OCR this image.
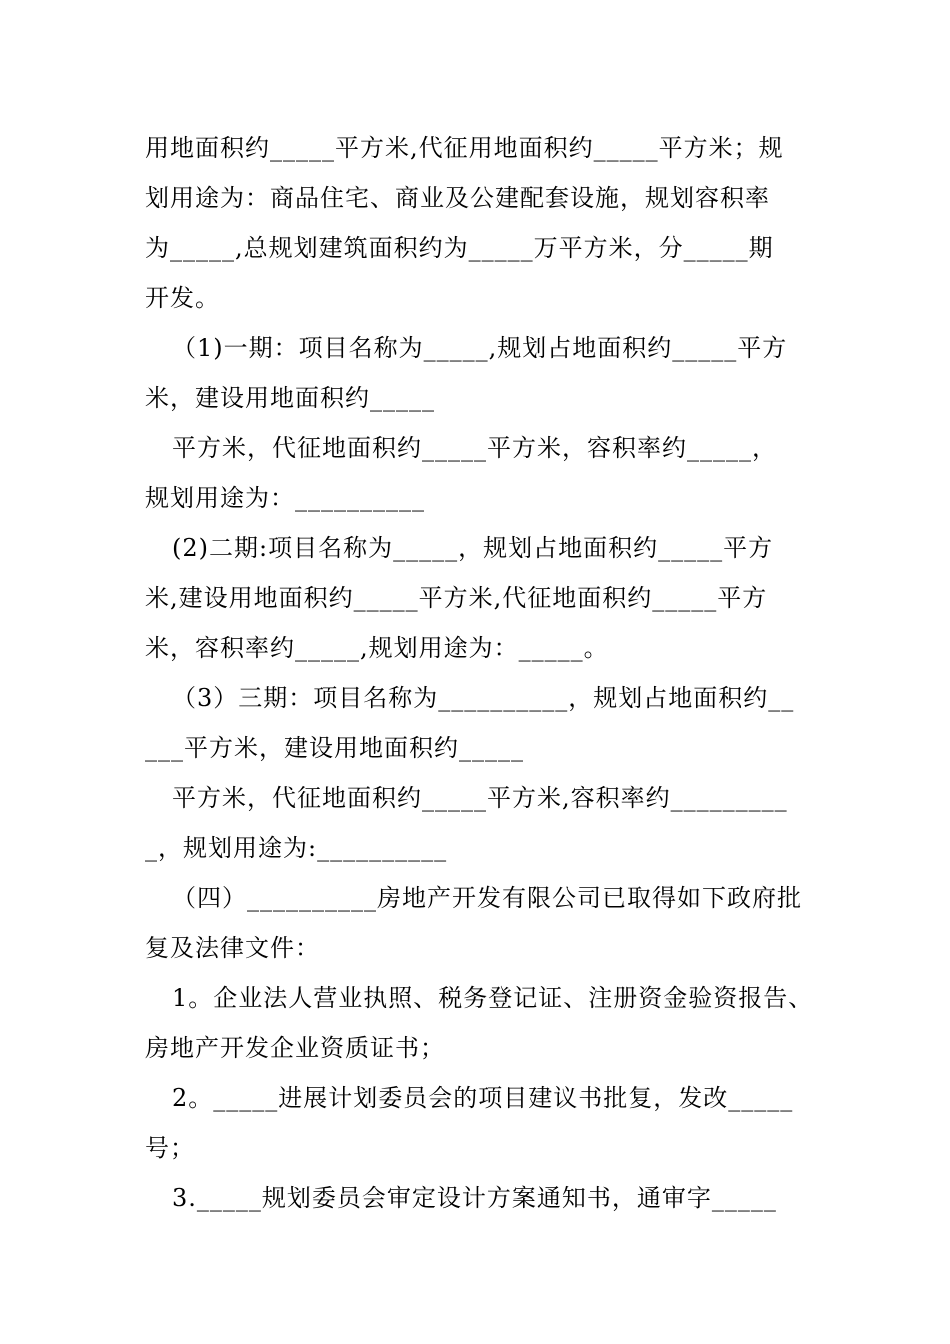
用地面积约_____平方米,代征用地面积约_____平方米；规
划用途为：商品住宅、商业及公建配套设施，规划容积率
为_____,总规划建筑面积约为_____万平方米，分_____期
开发。
（1)一期：项目名称为_____,规划占地面积约_____平方
米，建设用地面积约_____
平方米，代征地面积约_____平方米，容积率约_____，
规划用途为：__________
(2)二期:项目名称为_____，规划占地面积约_____平方
米,建设用地面积约_____平方米,代征地面积约_____平方
米，容积率约_____,规划用途为：_____。
（3）三期：项目名称为__________，规划占地面积约__
___平方米，建设用地面积约_____
平方米，代征地面积约_____平方米,容积率约_________
_，规划用途为:__________
（四）__________房地产开发有限公司已取得如下政府批
复及法律文件：
1。企业法人营业执照、税务登记证、注册资金验资报告、
房地产开发企业资质证书；
2。_____进展计划委员会的项目建议书批复，发改_____
号；
3._____规划委员会审定设计方案通知书，通审字_____
